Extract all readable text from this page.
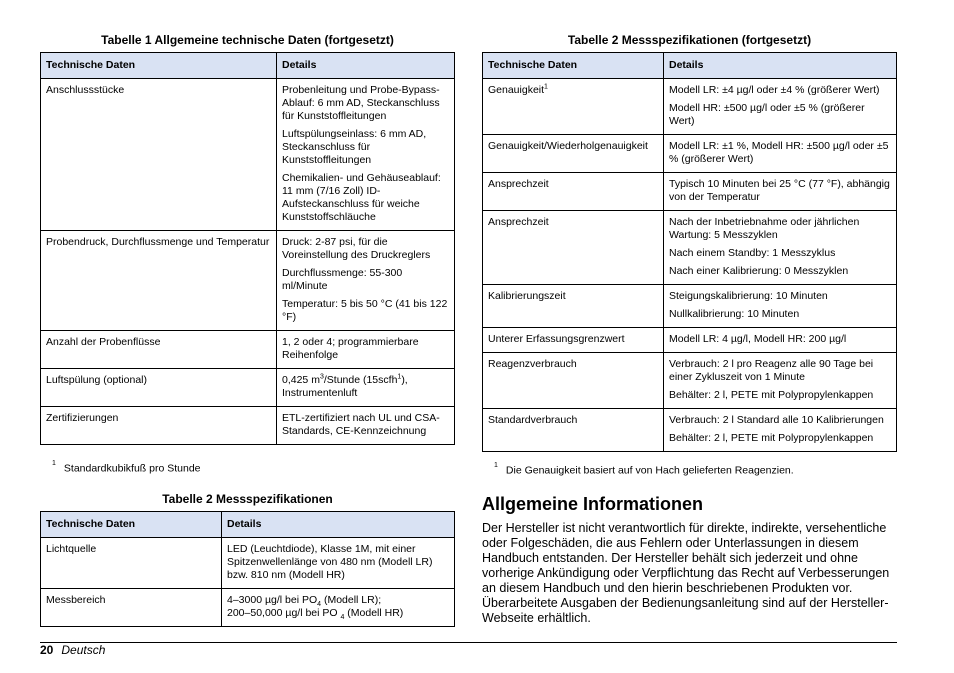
Tabelle 1 Allgemeine technische Daten (fortgesetzt)
Technische Daten	Details
Anschlussstücke	Probenleitung und Probe-Bypass-Ablauf: 6 mm AD, Steckanschluss für Kunststoffleitungen

Luftspülungseinlass: 6 mm AD, Steckanschluss für Kunststoffleitungen

Chemikalien- und Gehäuseablauf: 11 mm (7/16 Zoll) ID-Aufsteckanschluss für weiche Kunststoffschläuche

Probendruck, Durchflussmenge und Temperatur	Druck: 2-87 psi, für die Voreinstellung des Druckreglers

Durchflussmenge: 55-300 ml/Minute

Temperatur: 5 bis 50 °C (41 bis 122 °F)

Anzahl der Probenflüsse	1, 2 oder 4; programmierbare Reihenfolge

Luftspülung (optional)	0,425 $m^3$/Stunde (15scfh$^1$), Instrumentenluft

Zertifizierungen	ETL-zertifiziert nach UL und CSA-Standards, CE-Kennzeichnung

$^1$ Standardkubikfuß pro Stunde
Tabelle 2 Messspezifikationen
Technische Daten	Details
Lichtquelle	LED (Leuchtdiode), Klasse 1M, mit einer Spitzenwellenlänge von 480 nm (Modell LR) bzw. 810 nm (Modell HR)

Messbereich	4–3000 µg/l bei $PO_4$ (Modell LR);

200–50,000 µg/l bei PO $_4$ (Modell HR)

Tabelle 2 Messspezifikationen (fortgesetzt)
Technische Daten	Details
Genauigkeit$^1$	Modell LR: ±4 µg/l oder ±4 % (größerer Wert)

Modell HR: ±500 µg/l oder ±5 % (größerer Wert)

Genauigkeit/Wiederholgenauigkeit	Modell LR: ±1 %, Modell HR: ±500 µg/l oder ±5 % (größerer Wert)

Ansprechzeit	Typisch 10 Minuten bei 25 °C (77 °F), abhängig von der Temperatur

Ansprechzeit	Nach der Inbetriebnahme oder jährlichen Wartung: 5 Messzyklen

Nach einem Standby: 1 Messzyklus

Nach einer Kalibrierung: 0 Messzyklen

Kalibrierungszeit	Steigungskalibrierung: 10 Minuten

Nullkalibrierung: 10 Minuten

Unterer Erfassungsgrenzwert	Modell LR: 4 µg/l, Modell HR: 200 µg/l

Reagenzverbrauch	Verbrauch: 2 l pro Reagenz alle 90 Tage bei einer Zykluszeit von 1 Minute

Behälter: 2 l, PETE mit Polypropylenkappen

Standardverbrauch	Verbrauch: 2 l Standard alle 10 Kalibrierungen

Behälter: 2 l, PETE mit Polypropylenkappen

$^1$ Die Genauigkeit basiert auf von Hach gelieferten Reagenzien.
Allgemeine Informationen

Der Hersteller ist nicht verantwortlich für direkte, indirekte, versehentliche oder Folgeschäden, die aus Fehlern oder Unterlassungen in diesem Handbuch entstanden. Der Hersteller behält sich jederzeit und ohne vorherige Ankündigung oder Verpflichtung das Recht auf Verbesserungen an diesem Handbuch und den hierin beschriebenen Produkten vor. Überarbeitete Ausgaben der Bedienungsanleitung sind auf der Hersteller-Webseite erhältlich.

20 Deutsch
